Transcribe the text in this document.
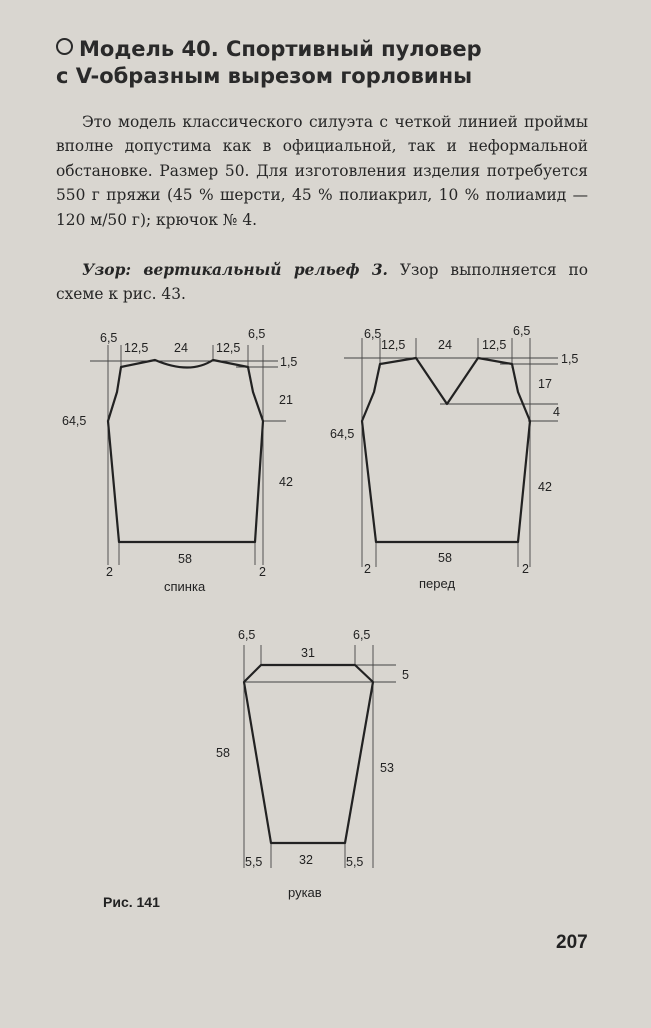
Модель 40. Спортивный пуловер
с V-образным вырезом горловины

Это модель классического силуэта с четкой линией проймы вполне допустима как в официальной, так и неформальной обстановке. Размер 50. Для изготовления изделия потребуется 550 г пряжи (45 % шерсти, 45 % полиакрил, 10 % полиамид — 120 м/50 г); крючок № 4.

Узор: вертикальный рельеф 3. Узор выполняется по схеме к рис. 43.

6,5
12,5 24 12,5
6,5
1,5
21
42
64,5
58
2	2
спинка
6,5
12,5	24 12,5
6,5
1,5
17
4
42
64,5
58
2	2
перед
6,5	6,5
31
5
58
53
5,5	32	5,5
рукав
Рис. 141
207
